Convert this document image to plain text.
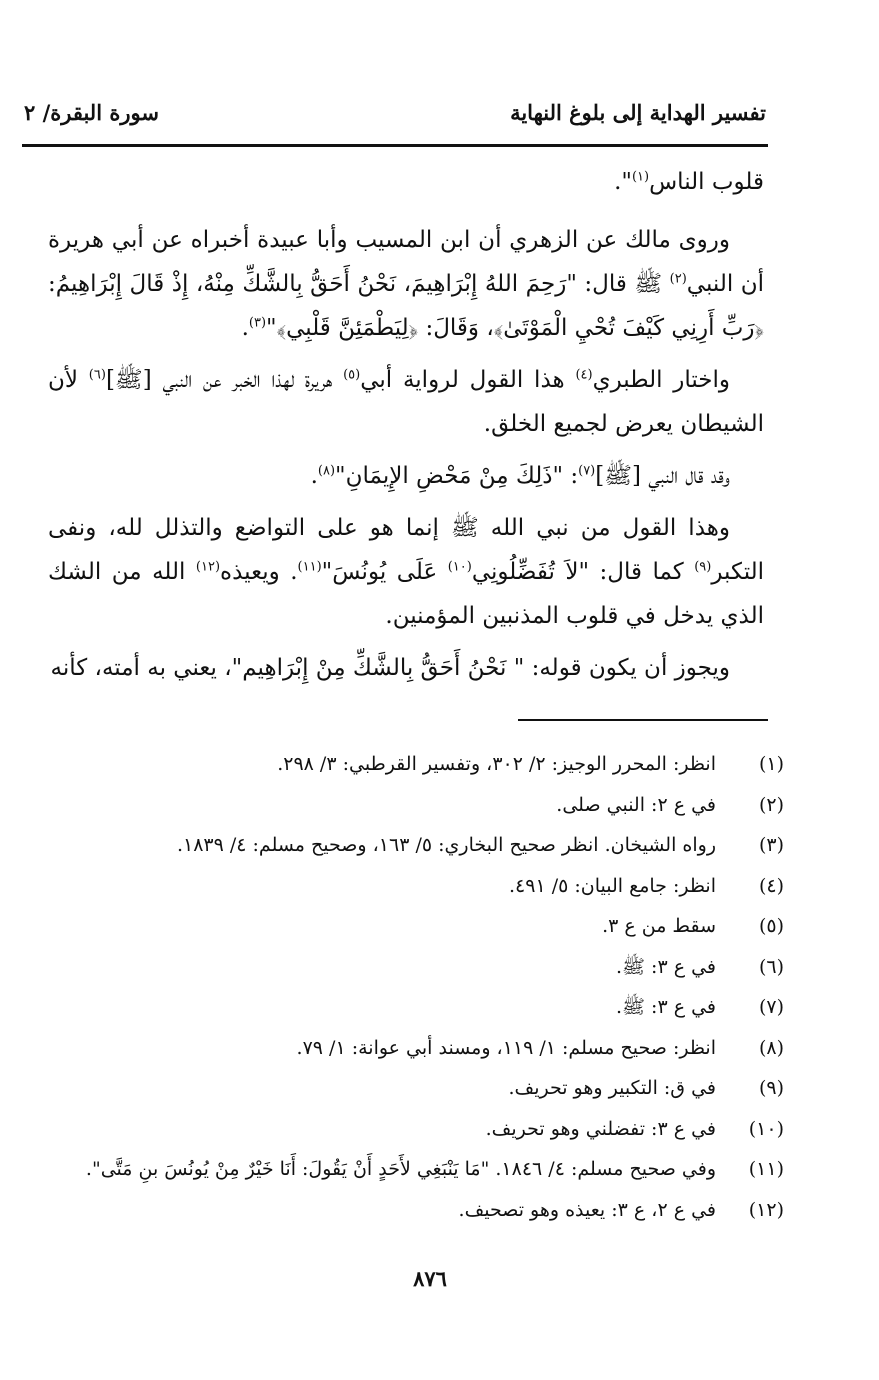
تفسير الهداية إلى بلوغ النهاية
سورة البقرة/ ٢

قلوب الناس$^{(١)}$".

وروى مالك عن الزهري أن ابن المسيب وأبا عبيدة أخبراه عن أبي هريرة أن النبي$^{(٢)}$ ﷺ قال: "رَحِمَ اللهُ إِبْرَاهِيمَ، نَحْنُ أَحَقُّ بِالشَّكِّ مِنْهُ، إِذْ قَالَ إِبْرَاهِيمُ: ﴿رَبِّ أَرِنِي كَيْفَ تُحْيِ الْمَوْتَىٰ﴾، وَقَالَ: ﴿لِيَطْمَئِنَّ قَلْبِي﴾"$^{(٣)}$.

واختار الطبري$^{(٤)}$ هذا القول لرواية أبي$^{(٥)}$ هريرة لهذا الخبر عن النبي [ﷺ]$^{(٦)}$ لأن الشيطان يعرض لجميع الخلق.

وقد قال النبي [ﷺ]$^{(٧)}$: "ذَلِكَ مِنْ مَحْضِ الإِيمَانِ"$^{(٨)}$.

وهذا القول من نبي الله ﷺ إنما هو على التواضع والتذلل لله، ونفى التكبر$^{(٩)}$ كما قال: "لاَ تُفَضِّلُونِي$^{(١٠)}$ عَلَى يُونُسَ"$^{(١١)}$. ويعيذه$^{(١٢)}$ الله من الشك الذي يدخل في قلوب المذنبين المؤمنين.

ويجوز أن يكون قوله: " نَحْنُ أَحَقُّ بِالشَّكِّ مِنْ إِبْرَاهِيم"، يعني به أمته، كأنه

(١)
انظر: المحرر الوجيز: ٢/ ٣٠٢، وتفسير القرطبي: ٣/ ٢٩٨.
(٢)
في ع ٢: النبي صلى.
(٣)
رواه الشيخان. انظر صحيح البخاري: ٥/ ١٦٣، وصحيح مسلم: ٤/ ١٨٣٩.
(٤)
انظر: جامع البيان: ٥/ ٤٩١.
(٥)
سقط من ع ٣.
(٦)
في ع ٣: ﷺ.
(٧)
في ع ٣: ﷺ.
(٨)
انظر: صحيح مسلم: ١/ ١١٩، ومسند أبي عوانة: ١/ ٧٩.
(٩)
في ق: التكبير وهو تحريف.
(١٠)
في ع ٣: تفضلني وهو تحريف.
(١١)
وفي صحيح مسلم: ٤/ ١٨٤٦. "مَا يَنْبَغِي لأَحَدٍ أَنْ يَقُولَ: أَنَا خَيْرٌ مِنْ يُونُسَ بنِ مَتَّى".
(١٢)
في ع ٢، ع ٣: يعيذه وهو تصحيف.
٨٧٦
